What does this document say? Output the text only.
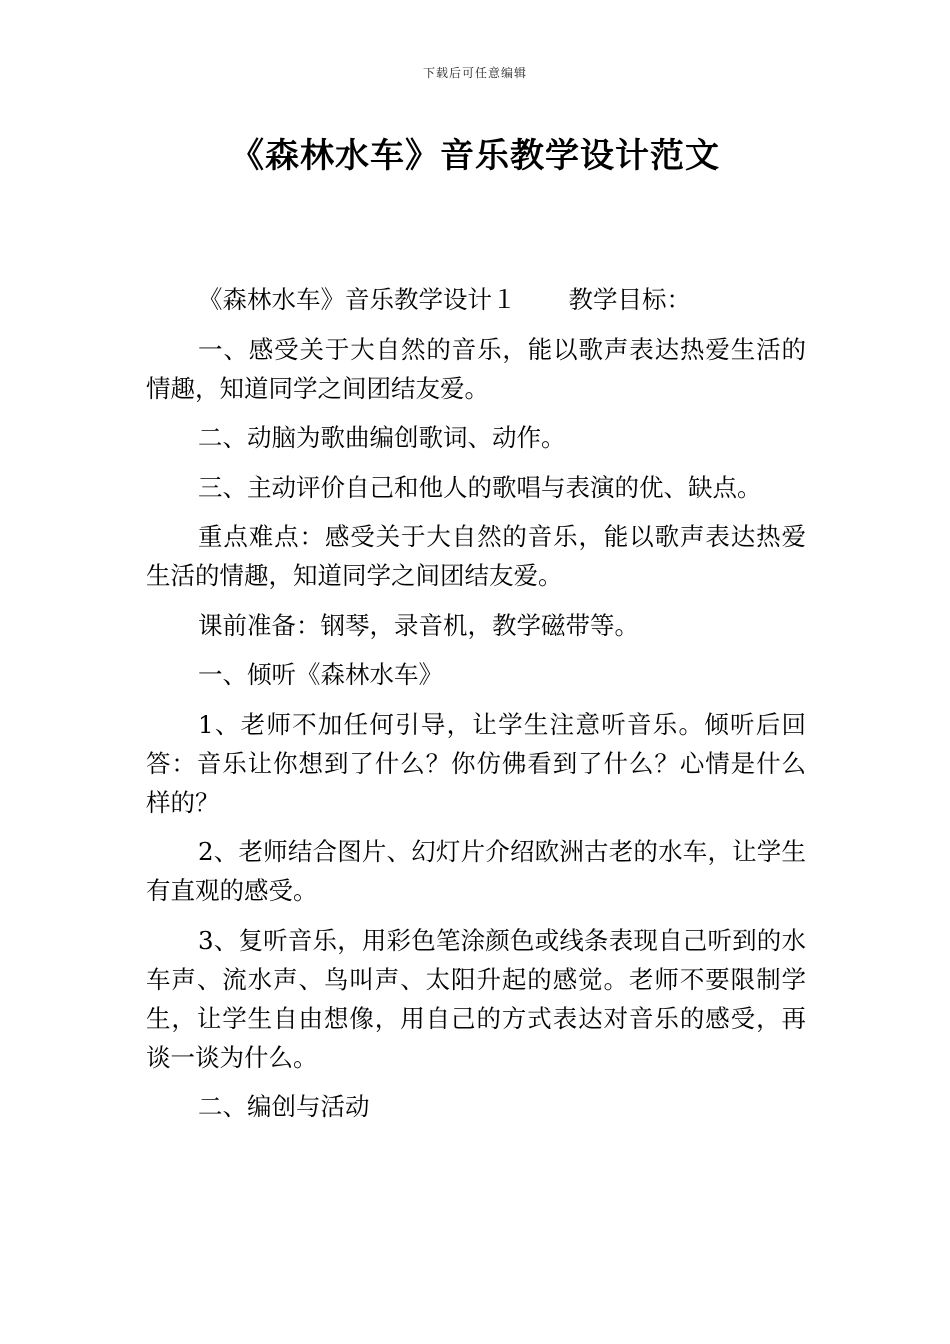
下载后可任意编辑
《森林水车》音乐教学设计范文

《森林水车》音乐教学设计１ 教学目标：

一、感受关于大自然的音乐，能以歌声表达热爱生活的情趣，知道同学之间团结友爱。

二、动脑为歌曲编创歌词、动作。

三、主动评价自己和他人的歌唱与表演的优、缺点。

重点难点：感受关于大自然的音乐，能以歌声表达热爱生活的情趣，知道同学之间团结友爱。

课前准备：钢琴，录音机，教学磁带等。

一、倾听《森林水车》

1、老师不加任何引导，让学生注意听音乐。倾听后回答：音乐让你想到了什么？你仿佛看到了什么？心情是什么样的？

2、老师结合图片、幻灯片介绍欧洲古老的水车，让学生有直观的感受。

3、复听音乐，用彩色笔涂颜色或线条表现自己听到的水车声、流水声、鸟叫声、太阳升起的感觉。老师不要限制学生，让学生自由想像，用自己的方式表达对音乐的感受，再谈一谈为什么。

二、编创与活动
